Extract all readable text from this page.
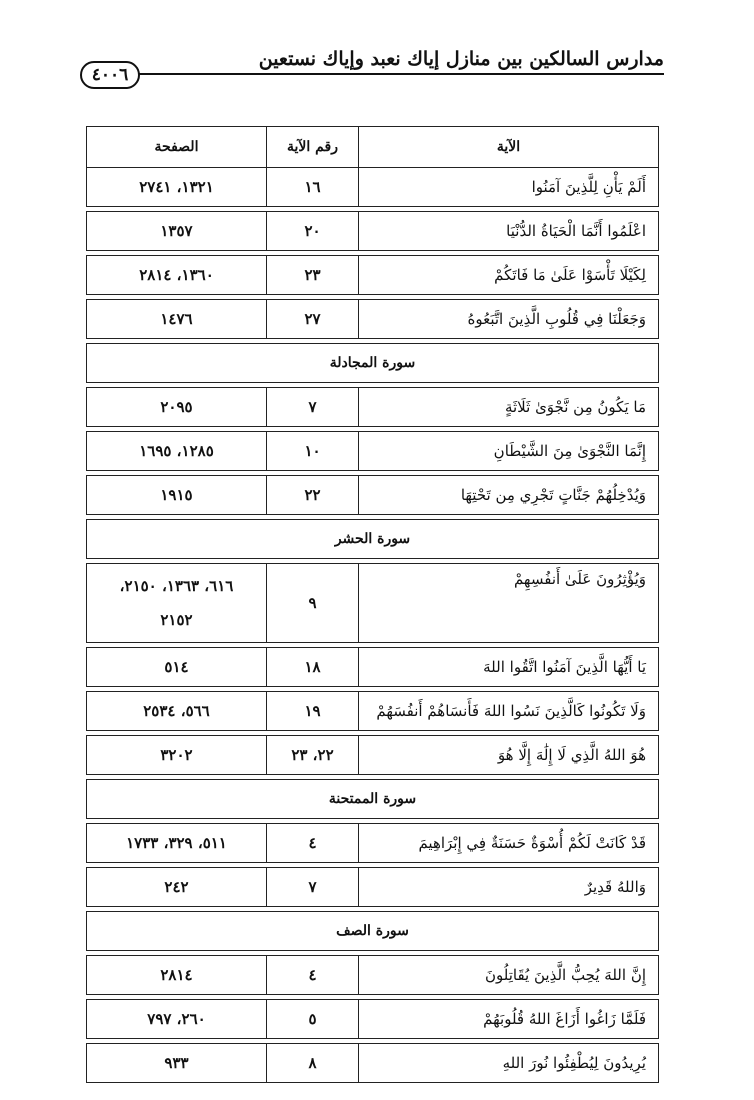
مدارس السالكين بين منازل إياك نعبد وإياك نستعين
٤٠٠٦
الآية	رقم الآية	الصفحة
أَلَمْ يَأْنِ لِلَّذِينَ آمَنُوا	١٦	١٣٢١، ٢٧٤١

اعْلَمُوا أَنَّمَا الْحَيَاةُ الدُّنْيَا	٢٠	١٣٥٧

لِكَيْلَا تَأْسَوْا عَلَىٰ مَا فَاتَكُمْ	٢٣	١٣٦٠، ٢٨١٤

وَجَعَلْنَا فِي قُلُوبِ الَّذِينَ اتَّبَعُوهُ	٢٧	١٤٧٦

سورة المجادلة		

مَا يَكُونُ مِن نَّجْوَىٰ ثَلَاثَةٍ	٧	٢٠٩٥

إِنَّمَا النَّجْوَىٰ مِنَ الشَّيْطَانِ	١٠	١٢٨٥، ١٦٩٥

وَيُدْخِلُهُمْ جَنَّاتٍ تَجْرِي مِن تَحْتِهَا	٢٢	١٩١٥

سورة الحشر		

وَيُؤْثِرُونَ عَلَىٰ أَنفُسِهِمْ	٩	٦١٦، ١٣٦٣، ٢١٥٠،
٢١٥٢

يَا أَيُّهَا الَّذِينَ آمَنُوا اتَّقُوا اللهَ	١٨	٥١٤

وَلَا تَكُونُوا كَالَّذِينَ نَسُوا اللهَ فَأَنسَاهُمْ أَنفُسَهُمْ	١٩	٥٦٦، ٢٥٣٤

هُوَ اللهُ الَّذِي لَا إِلَٰهَ إِلَّا هُوَ	٢٢، ٢٣	٣٢٠٢

سورة الممتحنة		

قَدْ كَانَتْ لَكُمْ أُسْوَةٌ حَسَنَةٌ فِي إِبْرَاهِيمَ	٤	٥١١، ٣٢٩، ١٧٣٣

وَاللهُ قَدِيرٌ	٧	٢٤٢

سورة الصف		

إِنَّ اللهَ يُحِبُّ الَّذِينَ يُقَاتِلُونَ	٤	٢٨١٤

فَلَمَّا زَاغُوا أَزَاغَ اللهُ قُلُوبَهُمْ	٥	٢٦٠، ٧٩٧

يُرِيدُونَ لِيُطْفِئُوا نُورَ اللهِ	٨	٩٣٣
